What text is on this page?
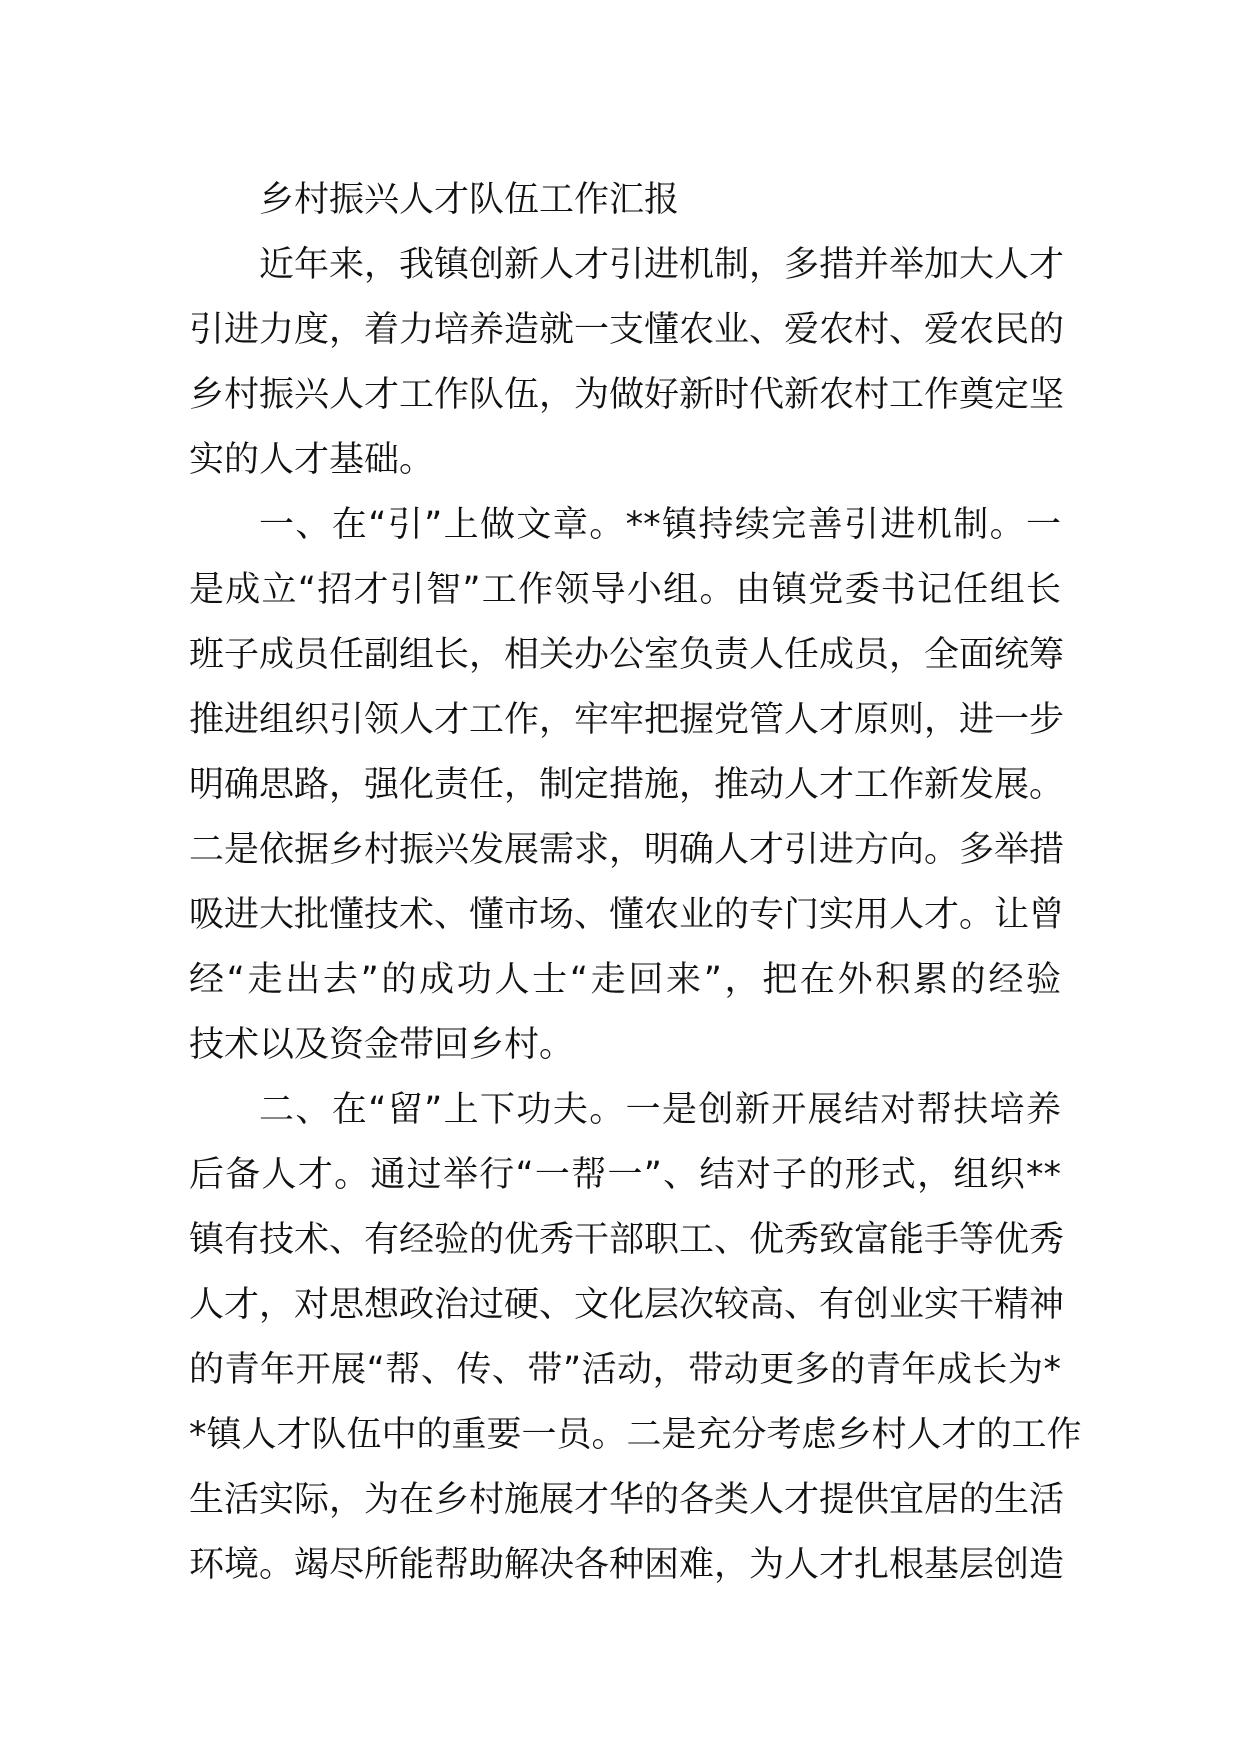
乡村振兴人才队伍工作汇报
近年来，我镇创新人才引进机制，多措并举加大人才
引进力度，着力培养造就一支懂农业、爱农村、爱农民的
乡村振兴人才工作队伍，为做好新时代新农村工作奠定坚
实的人才基础。
一、在“引”上做文章。**镇持续完善引进机制。一
是成立“招才引智”工作领导小组。由镇党委书记任组长
班子成员任副组长，相关办公室负责人任成员，全面统筹
推进组织引领人才工作，牢牢把握党管人才原则，进一步
明确思路，强化责任，制定措施，推动人才工作新发展。
二是依据乡村振兴发展需求，明确人才引进方向。多举措
吸进大批懂技术、懂市场、懂农业的专门实用人才。让曾
经“走出去”的成功人士“走回来”，把在外积累的经验
技术以及资金带回乡村。
二、在“留”上下功夫。一是创新开展结对帮扶培养
后备人才。通过举行“一帮一”、结对子的形式，组织**
镇有技术、有经验的优秀干部职工、优秀致富能手等优秀
人才，对思想政治过硬、文化层次较高、有创业实干精神
的青年开展“帮、传、带”活动，带动更多的青年成长为*
*镇人才队伍中的重要一员。二是充分考虑乡村人才的工作
生活实际，为在乡村施展才华的各类人才提供宜居的生活
环境。竭尽所能帮助解决各种困难，为人才扎根基层创造
